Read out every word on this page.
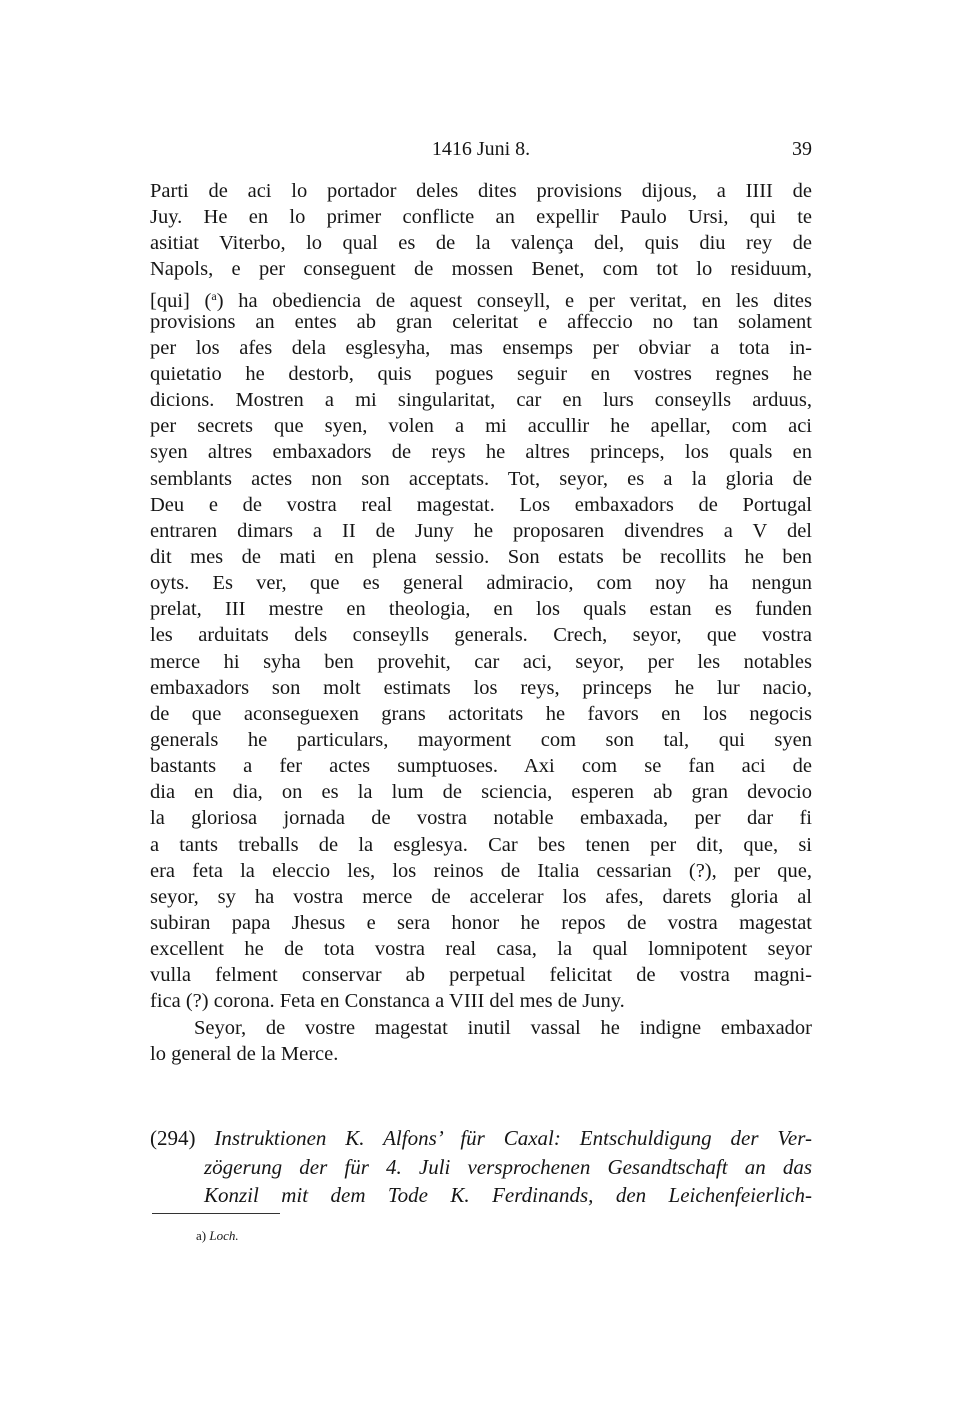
1416 Juni 8.	39
Parti de aci lo portador deles dites provisions dijous, a IIII de
Juy. He en lo primer conflicte an expellir Paulo Ursi, qui te
asitiat Viterbo, lo qual es de la valença del, quis diu rey de
Napols, e per conseguent de mossen Benet, com tot lo residuum,
[qui] ($^a$) ha obediencia de aquest conseyll, e per veritat, en les dites
provisions an entes ab gran celeritat e affeccio no tan solament
per los afes dela esglesyha, mas ensemps per obviar a tota in-
quietatio he destorb, quis pogues seguir en vostres regnes he
dicions. Mostren a mi singularitat, car en lurs conseylls arduus,
per secrets que syen, volen a mi accullir he apellar, com aci
syen altres embaxadors de reys he altres princeps, los quals en
semblants actes non son acceptats. Tot, seyor, es a la gloria de
Deu e de vostra real magestat. Los embaxadors de Portugal
entraren dimars a II de Juny he proposaren divendres a V del
dit mes de mati en plena sessio. Son estats be recollits he ben
oyts. Es ver, que es general admiracio, com noy ha nengun
prelat, III mestre en theologia, en los quals estan es funden
les arduitats dels conseylls generals. Crech, seyor, que vostra
merce hi syha ben provehit, car aci, seyor, per les notables
embaxadors son molt estimats los reys, princeps he lur nacio,
de que aconseguexen grans actoritats he favors en los negocis
generals he particulars, mayorment com son tal, qui syen
bastants a fer actes sumptuoses. Axi com se fan aci de
dia en dia, on es la lum de sciencia, esperen ab gran devocio
la gloriosa jornada de vostra notable embaxada, per dar fi
a tants treballs de la esglesya. Car bes tenen per dit, que, si
era feta la eleccio les, los reinos de Italia cessarian (?), per que,
seyor, sy ha vostra merce de accelerar los afes, darets gloria al
subiran papa Jhesus e sera honor he repos de vostra magestat
excellent he de tota vostra real casa, la qual lomnipotent seyor
vulla felment conservar ab perpetual felicitat de vostra magni-
fica (?) corona. Feta en Constanca a VIII del mes de Juny.
Seyor, de vostre magestat inutil vassal he indigne embaxador
lo general de la Merce.
(294) Instruktionen K. Alfons’ für Caxal: Entschuldigung der Ver-
zögerung der für 4. Juli versprochenen Gesandtschaft an das
Konzil mit dem Tode K. Ferdinands, den Leichenfeierlich-
a) Loch.
